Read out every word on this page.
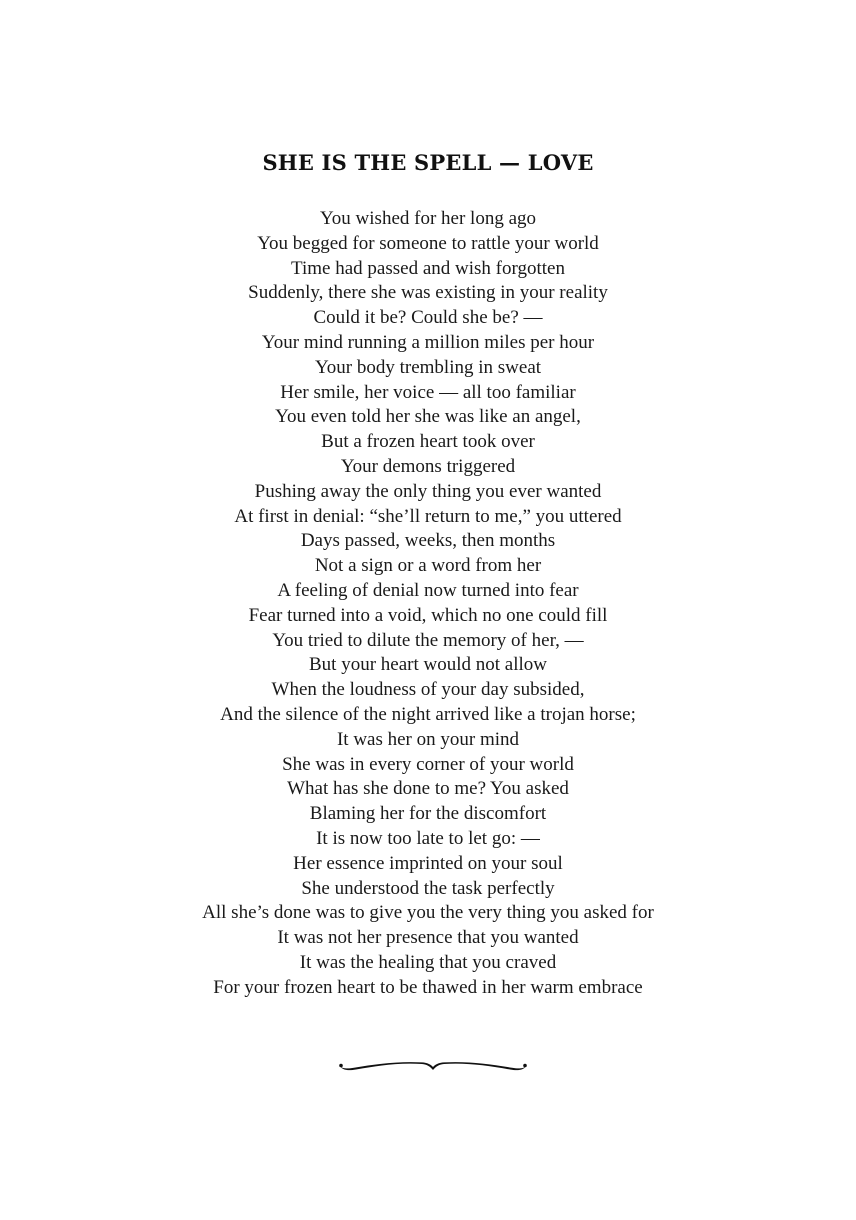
SHE IS THE SPELL — LOVE
You wished for her long ago
You begged for someone to rattle your world
Time had passed and wish forgotten
Suddenly, there she was existing in your reality
Could it be? Could she be? —
Your mind running a million miles per hour
Your body trembling in sweat
Her smile, her voice — all too familiar
You even told her she was like an angel,
But a frozen heart took over
Your demons triggered
Pushing away the only thing you ever wanted
At first in denial: “she’ll return to me,” you uttered
Days passed, weeks, then months
Not a sign or a word from her
A feeling of denial now turned into fear
Fear turned into a void, which no one could fill
You tried to dilute the memory of her, —
But your heart would not allow
When the loudness of your day subsided,
And the silence of the night arrived like a trojan horse;
It was her on your mind
She was in every corner of your world
What has she done to me? You asked
Blaming her for the discomfort
It is now too late to let go: —
Her essence imprinted on your soul
She understood the task perfectly
All she’s done was to give you the very thing you asked for
It was not her presence that you wanted
It was the healing that you craved
For your frozen heart to be thawed in her warm embrace
